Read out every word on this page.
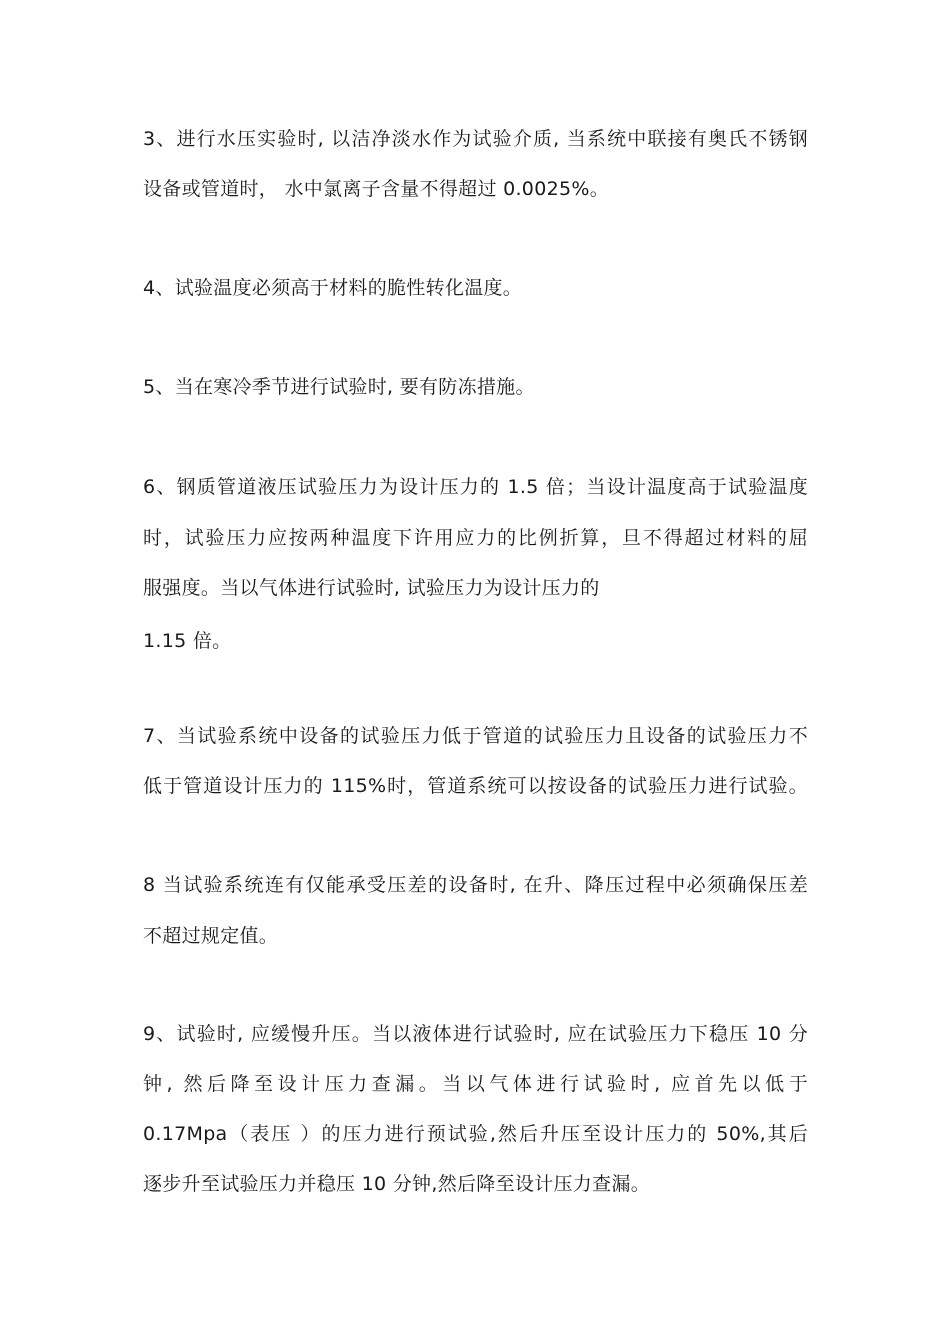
3、进行水压实验时, 以洁净淡水作为试验介质, 当系统中联接有奥氏不锈钢
设备或管道时， 水中氯离子含量不得超过 0.0025%。
4、试验温度必须高于材料的脆性转化温度。
5、当在寒冷季节进行试验时, 要有防冻措施。
6、钢质管道液压试验压力为设计压力的 1.5 倍；当设计温度高于试验温度
时，试验压力应按两种温度下许用应力的比例折算，旦不得超过材料的屈
服强度。当以气体进行试验时, 试验压力为设计压力的
1.15 倍。
7、当试验系统中设备的试验压力低于管道的试验压力且设备的试验压力不
低于管道设计压力的 115%时，管道系统可以按设备的试验压力进行试验。
8 当试验系统连有仅能承受压差的设备时, 在升、降压过程中必须确保压差
不超过规定值。
9、试验时, 应缓慢升压。当以液体进行试验时, 应在试验压力下稳压 10 分
钟, 然后降至设计压力查漏。当以气体进行试验时, 应首先以低于
0.17Mpa（表压 ）的压力进行预试验,然后升压至设计压力的 50%,其后
逐步升至试验压力并稳压 10 分钟,然后降至设计压力查漏。
